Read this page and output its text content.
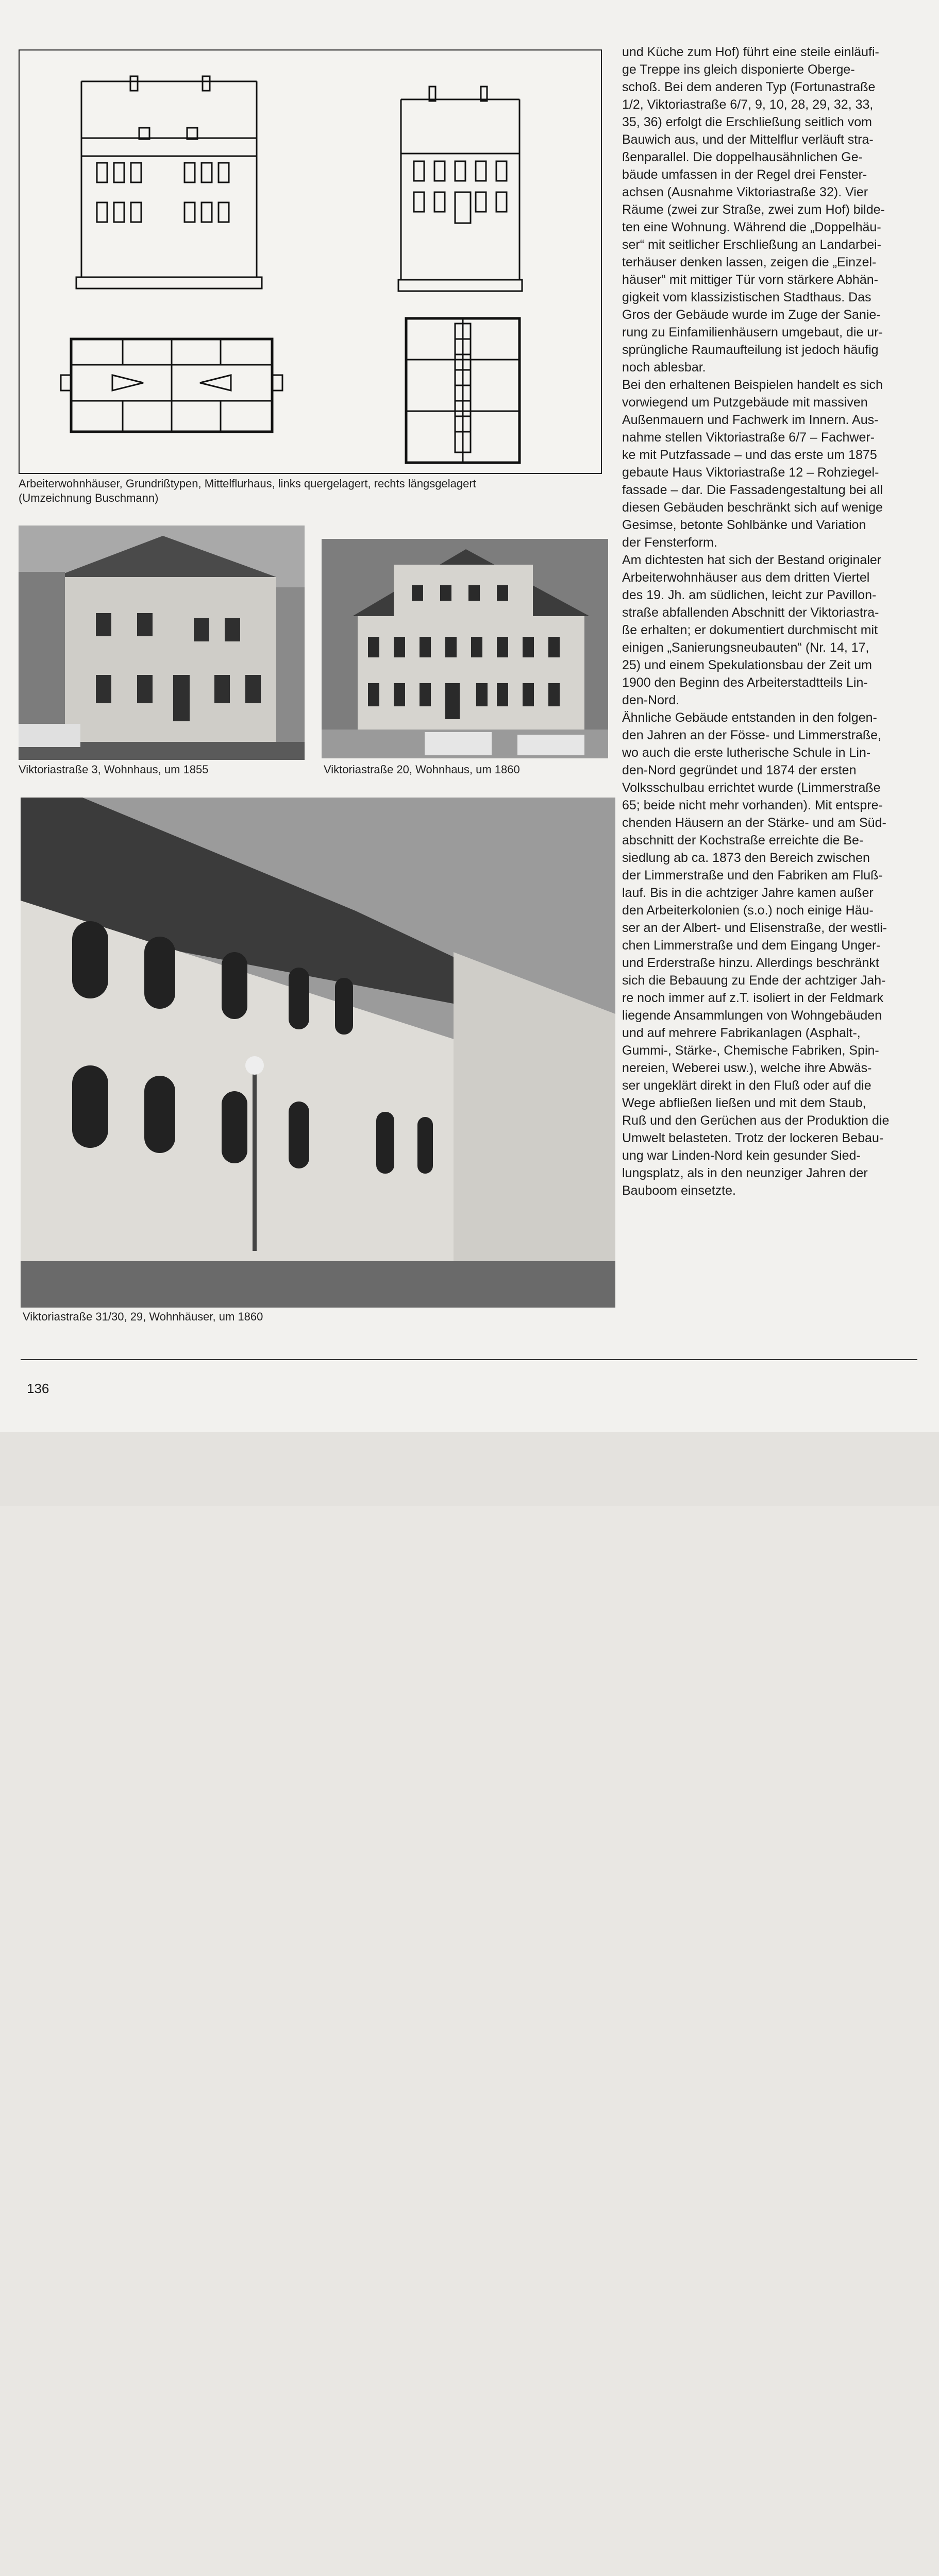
Arbeiterwohnhäuser, Grundrißtypen, Mittelflurhaus, links quergelagert, rechts längsgelagert
(Umzeichnung Buschmann)
Viktoriastraße 3, Wohnhaus, um 1855	Viktoriastraße 20, Wohnhaus, um 1860
Viktoriastraße 31/30, 29, Wohnhäuser, um 1860
und Küche zum Hof) führt eine steile einläufi-
ge Treppe ins gleich disponierte Oberge-
schoß. Bei dem anderen Typ (Fortunastraße
1/2, Viktoriastraße 6/7, 9, 10, 28, 29, 32, 33,
35, 36) erfolgt die Erschließung seitlich vom
Bauwich aus, und der Mittelflur verläuft stra-
ßenparallel. Die doppelhausähnlichen Ge-
bäude umfassen in der Regel drei Fenster-
achsen (Ausnahme Viktoriastraße 32). Vier
Räume (zwei zur Straße, zwei zum Hof) bilde-
ten eine Wohnung. Während die „Doppelhäu-
ser“ mit seitlicher Erschließung an Landarbei-
terhäuser denken lassen, zeigen die „Einzel-
häuser“ mit mittiger Tür vorn stärkere Abhän-
gigkeit vom klassizistischen Stadthaus. Das
Gros der Gebäude wurde im Zuge der Sanie-
rung zu Einfamilienhäusern umgebaut, die ur-
sprüngliche Raumaufteilung ist jedoch häufig
noch ablesbar.
Bei den erhaltenen Beispielen handelt es sich
vorwiegend um Putzgebäude mit massiven
Außenmauern und Fachwerk im Innern. Aus-
nahme stellen Viktoriastraße 6/7 – Fachwer-
ke mit Putzfassade – und das erste um 1875
gebaute Haus Viktoriastraße 12 – Rohziegel-
fassade – dar. Die Fassadengestaltung bei all
diesen Gebäuden beschränkt sich auf wenige
Gesimse, betonte Sohlbänke und Variation
der Fensterform.
Am dichtesten hat sich der Bestand originaler
Arbeiterwohnhäuser aus dem dritten Viertel
des 19. Jh. am südlichen, leicht zur Pavillon-
straße abfallenden Abschnitt der Viktoriastra-
ße erhalten; er dokumentiert durchmischt mit
einigen „Sanierungsneubauten“ (Nr. 14, 17,
25) und einem Spekulationsbau der Zeit um
1900 den Beginn des Arbeiterstadtteils Lin-
den-Nord.
Ähnliche Gebäude entstanden in den folgen-
den Jahren an der Fösse- und Limmerstraße,
wo auch die erste lutherische Schule in Lin-
den-Nord gegründet und 1874 der ersten
Volksschulbau errichtet wurde (Limmerstraße
65; beide nicht mehr vorhanden). Mit entspre-
chenden Häusern an der Stärke- und am Süd-
abschnitt der Kochstraße erreichte die Be-
siedlung ab ca. 1873 den Bereich zwischen
der Limmerstraße und den Fabriken am Fluß-
lauf. Bis in die achtziger Jahre kamen außer
den Arbeiterkolonien (s.o.) noch einige Häu-
ser an der Albert- und Elisenstraße, der westli-
chen Limmerstraße und dem Eingang Unger-
und Erderstraße hinzu. Allerdings beschränkt
sich die Bebauung zu Ende der achtziger Jah-
re noch immer auf z.T. isoliert in der Feldmark
liegende Ansammlungen von Wohngebäuden
und auf mehrere Fabrikanlagen (Asphalt-,
Gummi-, Stärke-, Chemische Fabriken, Spin-
nereien, Weberei usw.), welche ihre Abwäs-
ser ungeklärt direkt in den Fluß oder auf die
Wege abfließen ließen und mit dem Staub,
Ruß und den Gerüchen aus der Produktion die
Umwelt belasteten. Trotz der lockeren Bebau-
ung war Linden-Nord kein gesunder Sied-
lungsplatz, als in den neunziger Jahren der
Bauboom einsetzte.
136
